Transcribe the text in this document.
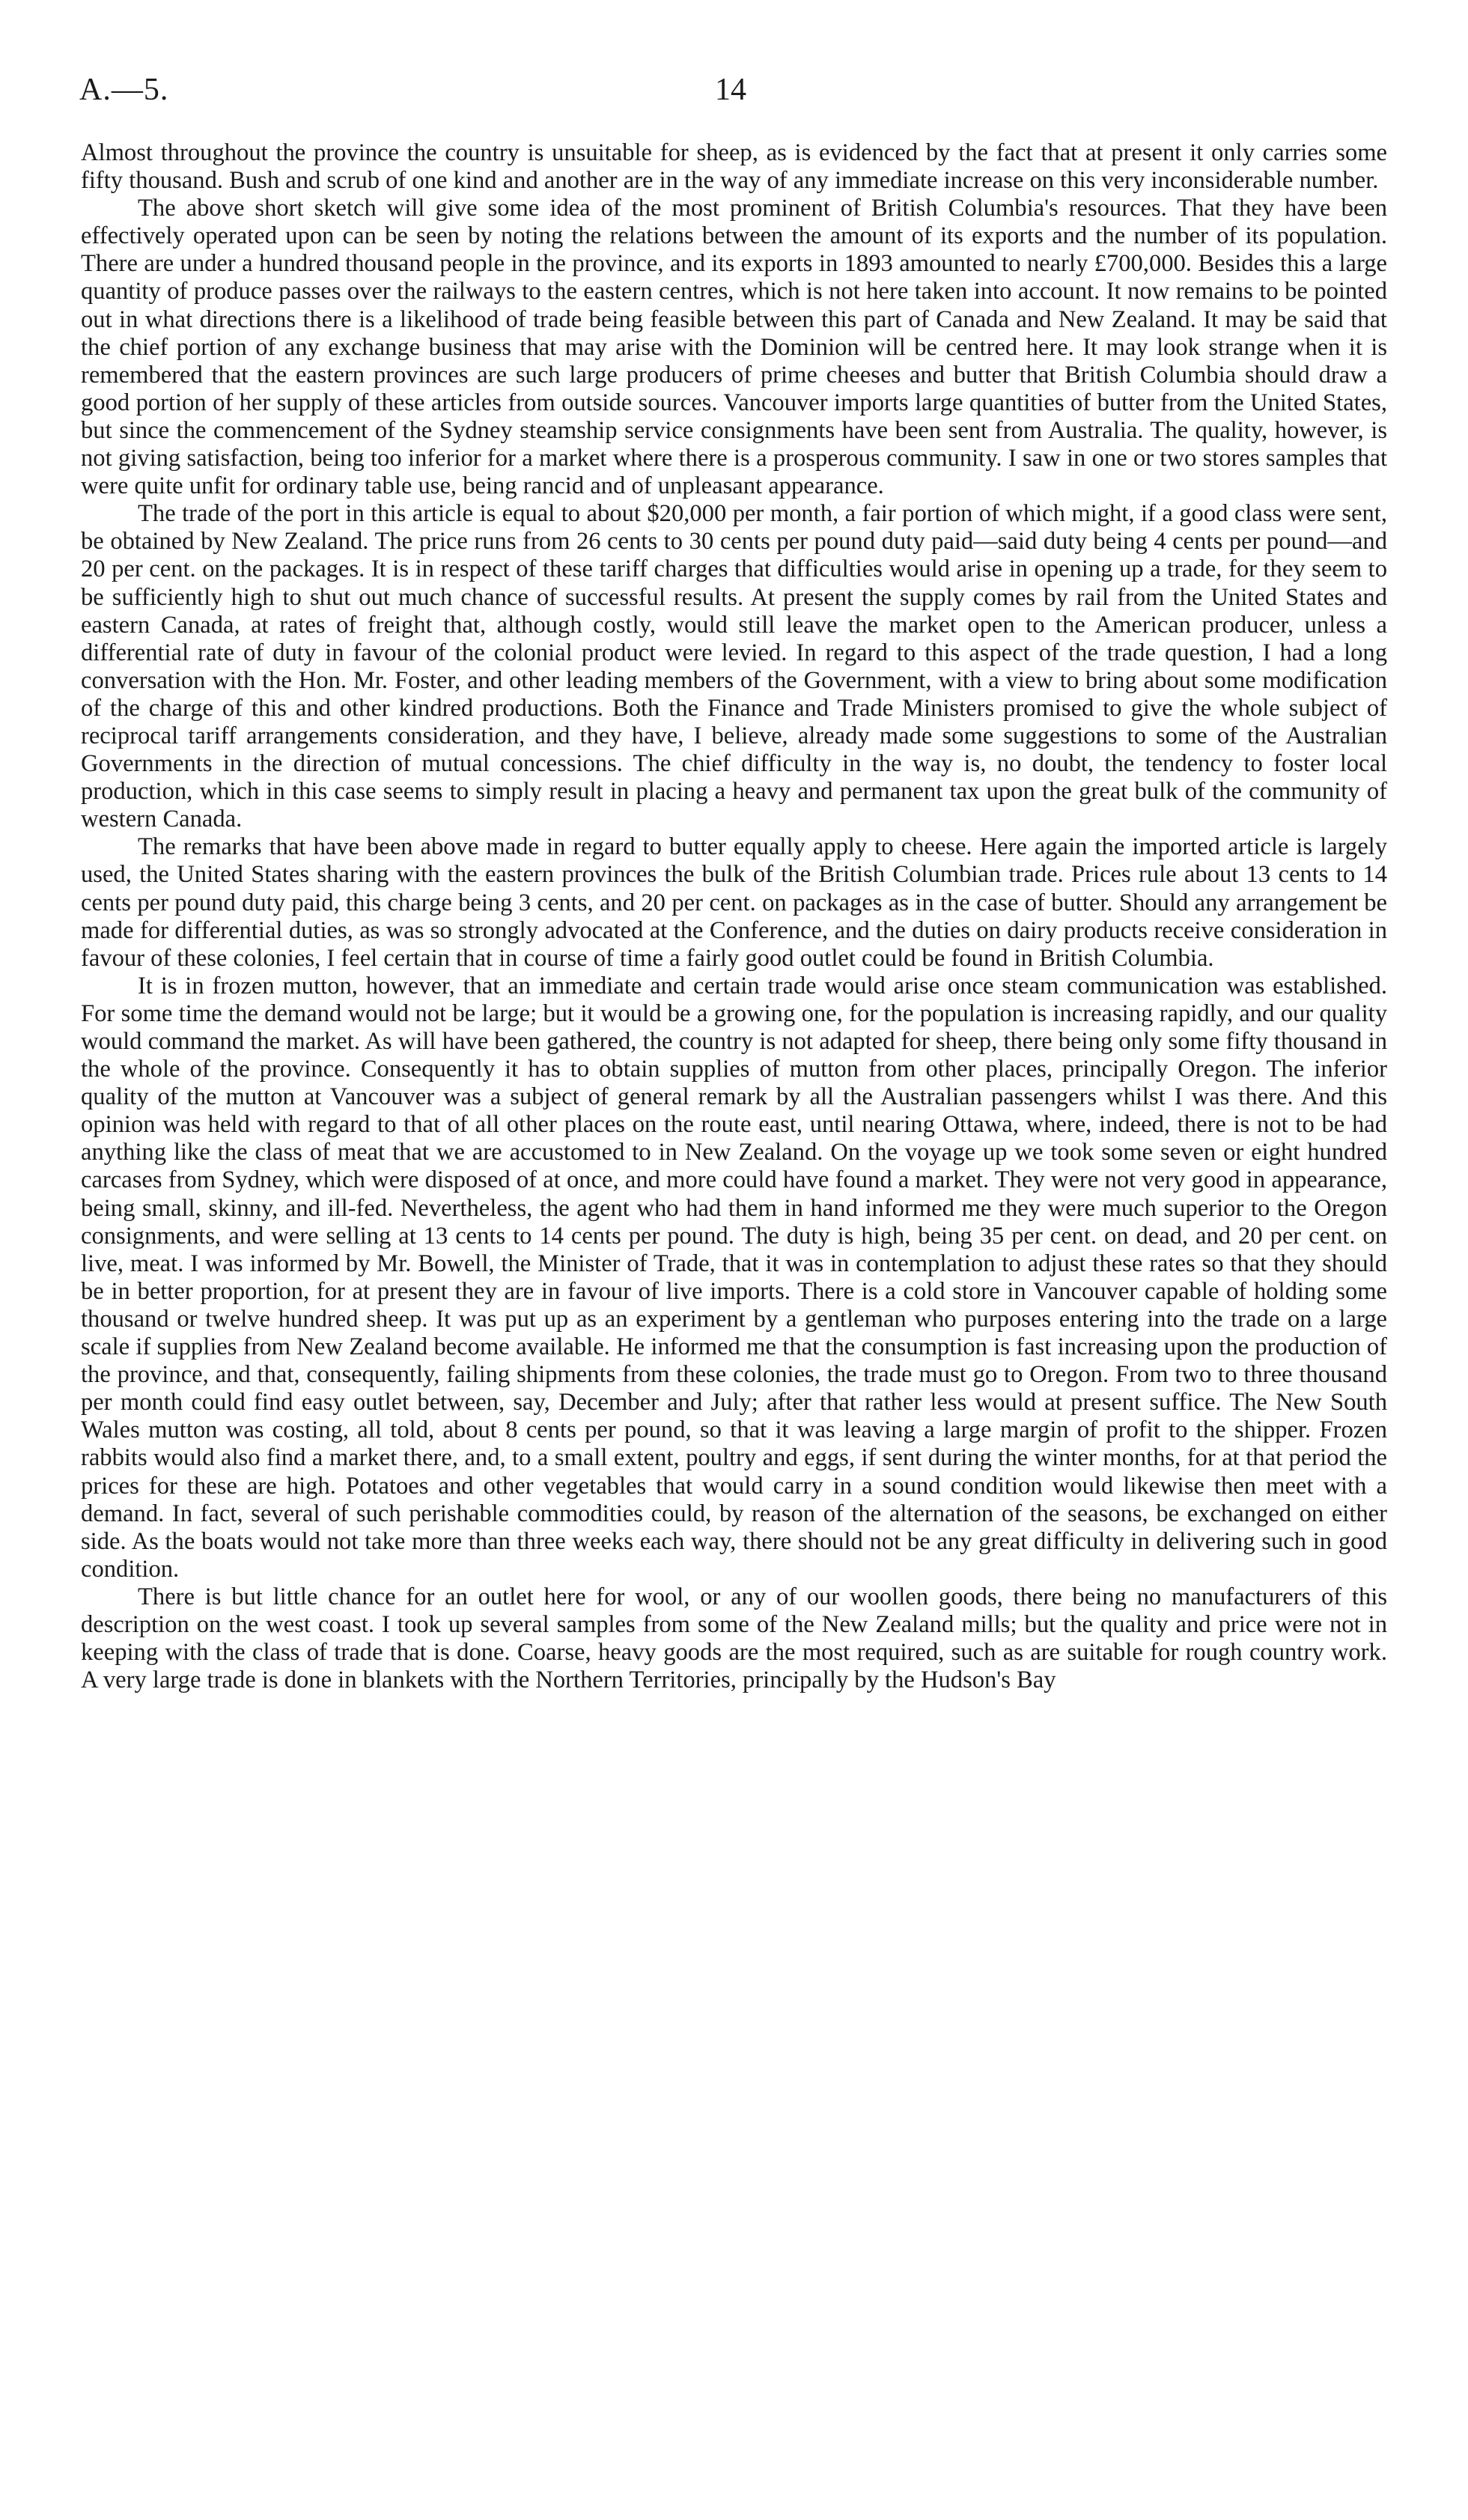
A.—5.	14

Almost throughout the province the country is unsuitable for sheep, as is evidenced by the fact that at present it only carries some fifty thousand. Bush and scrub of one kind and another are in the way of any immediate increase on this very inconsiderable number.

The above short sketch will give some idea of the most prominent of British Columbia's resources. That they have been effectively operated upon can be seen by noting the relations between the amount of its exports and the number of its population. There are under a hundred thousand people in the province, and its exports in 1893 amounted to nearly £700,000. Besides this a large quantity of produce passes over the railways to the eastern centres, which is not here taken into account. It now remains to be pointed out in what directions there is a likelihood of trade being feasible between this part of Canada and New Zealand. It may be said that the chief portion of any exchange business that may arise with the Dominion will be centred here. It may look strange when it is remembered that the eastern provinces are such large producers of prime cheeses and butter that British Columbia should draw a good portion of her supply of these articles from outside sources. Vancouver imports large quantities of butter from the United States, but since the commencement of the Sydney steamship service consignments have been sent from Australia. The quality, however, is not giving satisfaction, being too inferior for a market where there is a prosperous community. I saw in one or two stores samples that were quite unfit for ordinary table use, being rancid and of unpleasant appearance.

The trade of the port in this article is equal to about $20,000 per month, a fair portion of which might, if a good class were sent, be obtained by New Zealand. The price runs from 26 cents to 30 cents per pound duty paid—said duty being 4 cents per pound—and 20 per cent. on the packages. It is in respect of these tariff charges that difficulties would arise in opening up a trade, for they seem to be sufficiently high to shut out much chance of successful results. At present the supply comes by rail from the United States and eastern Canada, at rates of freight that, although costly, would still leave the market open to the American producer, unless a differential rate of duty in favour of the colonial product were levied. In regard to this aspect of the trade question, I had a long conversation with the Hon. Mr. Foster, and other leading members of the Government, with a view to bring about some modification of the charge of this and other kindred productions. Both the Finance and Trade Ministers promised to give the whole subject of reciprocal tariff arrangements consideration, and they have, I believe, already made some suggestions to some of the Australian Governments in the direction of mutual concessions. The chief difficulty in the way is, no doubt, the tendency to foster local production, which in this case seems to simply result in placing a heavy and permanent tax upon the great bulk of the community of western Canada.

The remarks that have been above made in regard to butter equally apply to cheese. Here again the imported article is largely used, the United States sharing with the eastern provinces the bulk of the British Columbian trade. Prices rule about 13 cents to 14 cents per pound duty paid, this charge being 3 cents, and 20 per cent. on packages as in the case of butter. Should any arrangement be made for differential duties, as was so strongly advocated at the Conference, and the duties on dairy products receive consideration in favour of these colonies, I feel certain that in course of time a fairly good outlet could be found in British Columbia.

It is in frozen mutton, however, that an immediate and certain trade would arise once steam communication was established. For some time the demand would not be large; but it would be a growing one, for the population is increasing rapidly, and our quality would command the market. As will have been gathered, the country is not adapted for sheep, there being only some fifty thousand in the whole of the province. Consequently it has to obtain supplies of mutton from other places, principally Oregon. The inferior quality of the mutton at Vancouver was a subject of general remark by all the Australian passengers whilst I was there. And this opinion was held with regard to that of all other places on the route east, until nearing Ottawa, where, indeed, there is not to be had anything like the class of meat that we are accustomed to in New Zealand. On the voyage up we took some seven or eight hundred carcases from Sydney, which were disposed of at once, and more could have found a market. They were not very good in appearance, being small, skinny, and ill-fed. Nevertheless, the agent who had them in hand informed me they were much superior to the Oregon consignments, and were selling at 13 cents to 14 cents per pound. The duty is high, being 35 per cent. on dead, and 20 per cent. on live, meat. I was informed by Mr. Bowell, the Minister of Trade, that it was in contemplation to adjust these rates so that they should be in better proportion, for at present they are in favour of live imports. There is a cold store in Vancouver capable of holding some thousand or twelve hundred sheep. It was put up as an experiment by a gentleman who purposes entering into the trade on a large scale if supplies from New Zealand become available. He informed me that the consumption is fast increasing upon the production of the province, and that, consequently, failing shipments from these colonies, the trade must go to Oregon. From two to three thousand per month could find easy outlet between, say, December and July; after that rather less would at present suffice. The New South Wales mutton was costing, all told, about 8 cents per pound, so that it was leaving a large margin of profit to the shipper. Frozen rabbits would also find a market there, and, to a small extent, poultry and eggs, if sent during the winter months, for at that period the prices for these are high. Potatoes and other vegetables that would carry in a sound condition would likewise then meet with a demand. In fact, several of such perishable commodities could, by reason of the alternation of the seasons, be exchanged on either side. As the boats would not take more than three weeks each way, there should not be any great difficulty in delivering such in good condition.

There is but little chance for an outlet here for wool, or any of our woollen goods, there being no manufacturers of this description on the west coast. I took up several samples from some of the New Zealand mills; but the quality and price were not in keeping with the class of trade that is done. Coarse, heavy goods are the most required, such as are suitable for rough country work. A very large trade is done in blankets with the Northern Territories, principally by the Hudson's Bay
